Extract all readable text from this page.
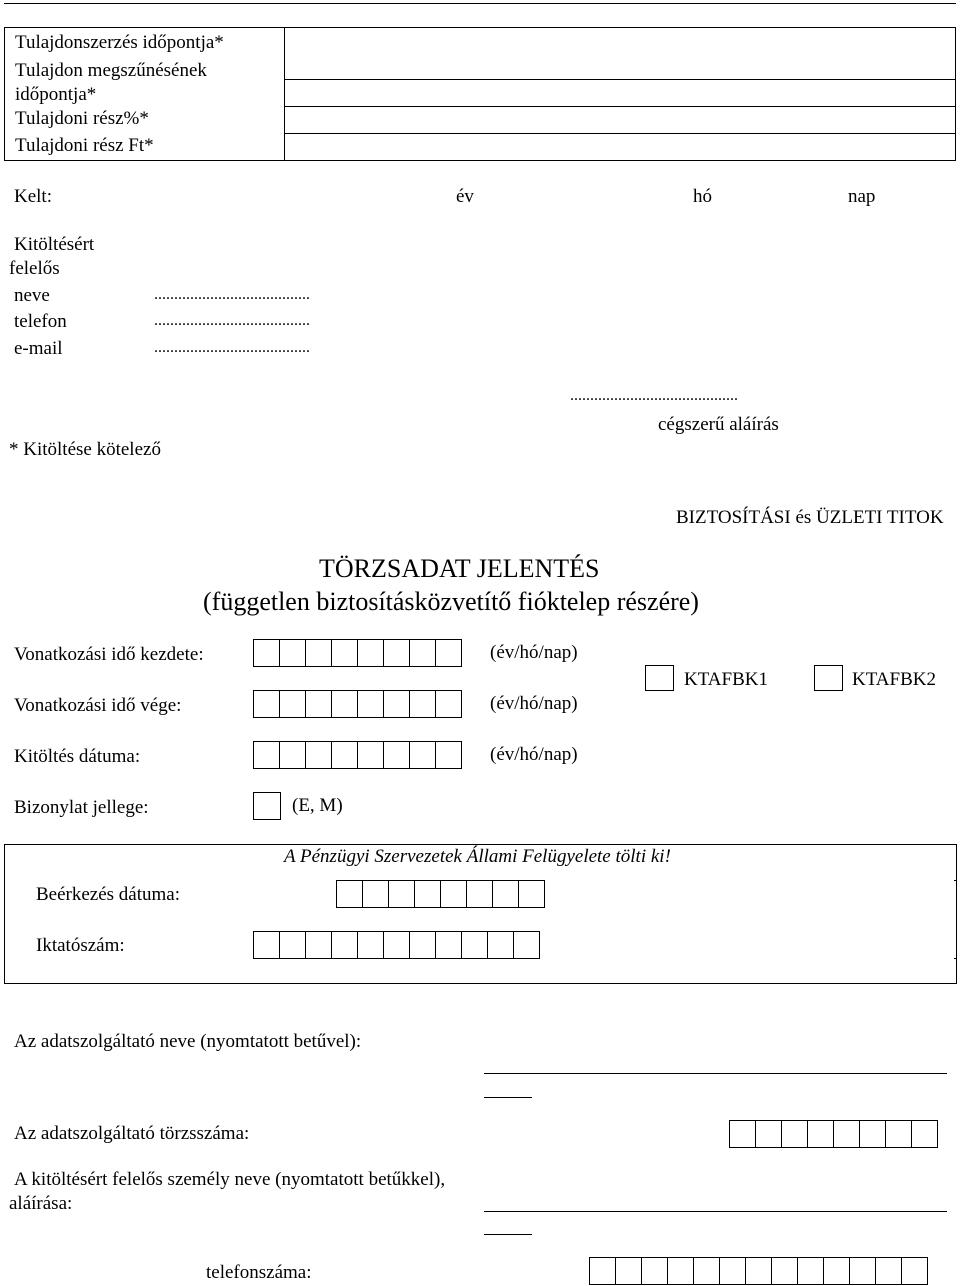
Tulajdonszerzés időpontja*
Tulajdon megszűnésének időpontja*
Tulajdoni rész%*
Tulajdoni rész Ft*
Kelt:	év	hó	nap
Kitöltésért
felelős
neve	.......................................
telefon	.......................................
e-mail	.......................................
..........................................
cégszerű aláírás
* Kitöltése kötelező
BIZTOSÍTÁSI és ÜZLETI TITOK
TÖRZSADAT JELENTÉS
(független biztosításközvetítő fióktelep részére)
Vonatkozási idő kezdete:	(év/hó/nap)
KTAFBK1	KTAFBK2
Vonatkozási idő vége:	(év/hó/nap)
Kitöltés dátuma:	(év/hó/nap)
Bizonylat jellege:	(E, M)
A Pénzügyi Szervezetek Állami Felügyelete tölti ki!
Beérkezés dátuma:
Iktatószám:
Az adatszolgáltató neve (nyomtatott betűvel):
Az adatszolgáltató törzsszáma:
A kitöltésért felelős személy neve (nyomtatott betűkkel),
aláírása:
telefonszáma:
